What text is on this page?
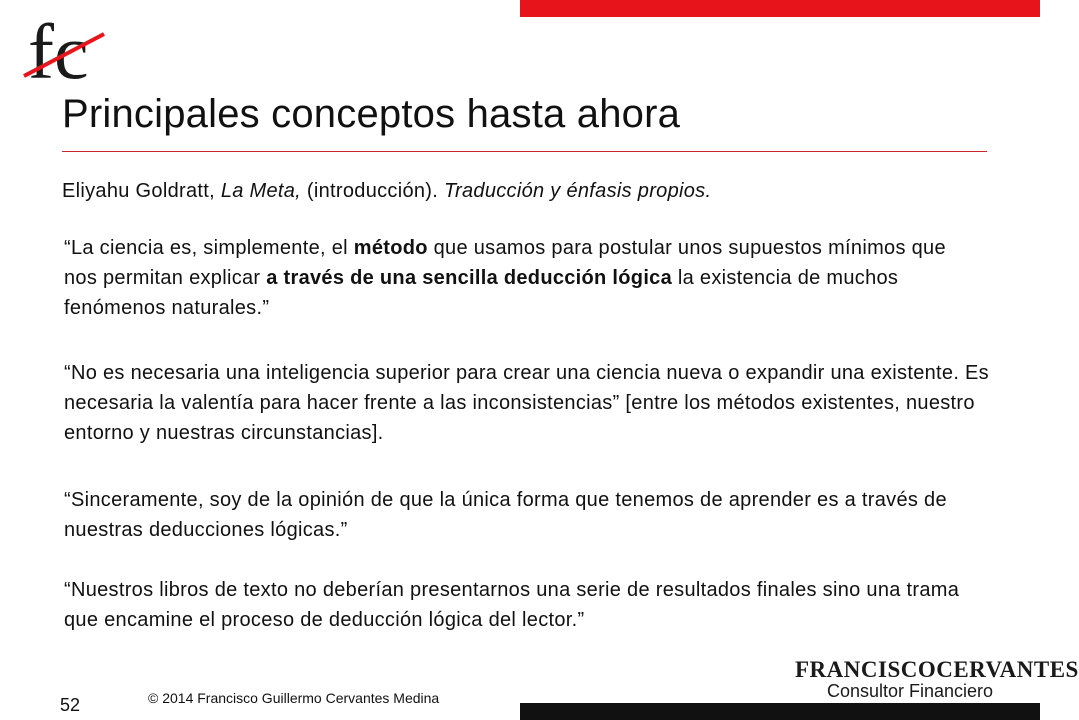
fc
Principales conceptos hasta ahora
Eliyahu Goldratt, La Meta, (introducción). Traducción y énfasis propios.
“La ciencia es, simplemente, el método que usamos para postular unos supuestos mínimos que nos permitan explicar a través de una sencilla deducción lógica la existencia de muchos fenómenos naturales.”
“No es necesaria una inteligencia superior para crear una ciencia nueva o expandir una existente. Es necesaria la valentía para hacer frente a las inconsistencias” [entre los métodos existentes, nuestro entorno y nuestras circunstancias].
“Sinceramente, soy de la opinión de que la única forma que tenemos de aprender es a través de nuestras deducciones lógicas.”
“Nuestros libros de texto no deberían presentarnos una serie de resultados finales sino una trama que encamine el proceso de deducción lógica del lector.”
52	© 2014 Francisco Guillermo Cervantes Medina
FRANCISCOCERVANTES
Consultor Financiero
